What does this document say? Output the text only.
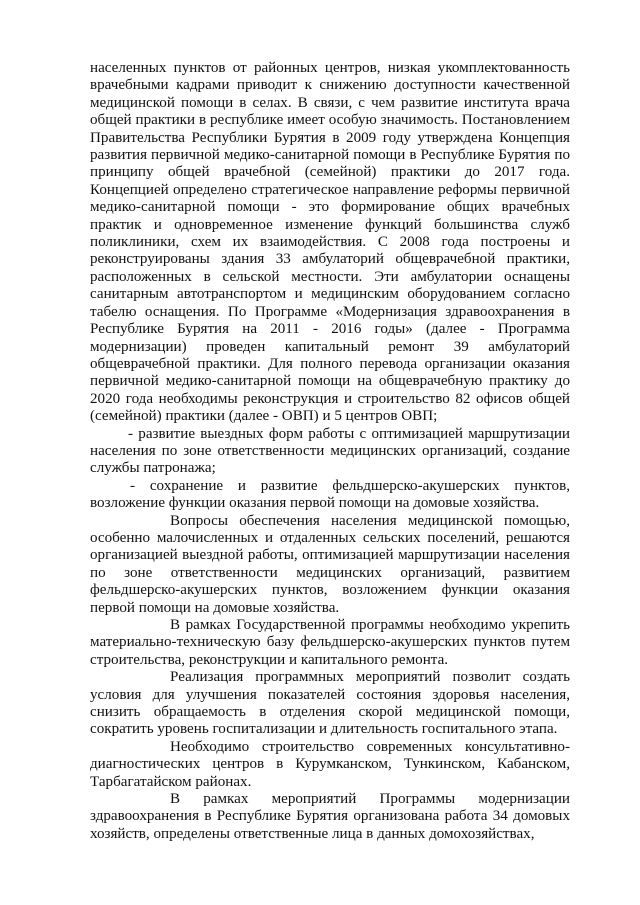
населенных пунктов от районных центров, низкая укомплектованность врачебными кадрами приводит к снижению доступности качественной медицинской помощи в селах. В связи, с чем развитие института врача общей практики в республике имеет особую значимость. Постановлением Правительства Республики Бурятия в 2009 году утверждена Концепция развития первичной медико-санитарной помощи в Республике Бурятия по принципу общей врачебной (семейной) практики до 2017 года. Концепцией определено стратегическое направление реформы первичной медико-санитарной помощи - это формирование общих врачебных практик и одновременное изменение функций большинства служб поликлиники, схем их взаимодействия. С 2008 года построены и реконструированы здания 33 амбулаторий общеврачебной практики, расположенных в сельской местности. Эти амбулатории оснащены санитарным автотранспортом и медицинским оборудованием согласно табелю оснащения. По Программе «Модернизация здравоохранения в Республике Бурятия на 2011 - 2016 годы» (далее - Программа модернизации) проведен капитальный ремонт 39 амбулаторий общеврачебной практики. Для полного перевода организации оказания первичной медико-санитарной помощи на общеврачебную практику до 2020 года необходимы реконструкция и строительство 82 офисов общей (семейной) практики (далее - ОВП) и 5 центров ОВП;

- развитие выездных форм работы с оптимизацией маршрутизации населения по зоне ответственности медицинских организаций, создание службы патронажа;

- сохранение и развитие фельдшерско-акушерских пунктов, возложение функции оказания первой помощи на домовые хозяйства.

Вопросы обеспечения населения медицинской помощью, особенно малочисленных и отдаленных сельских поселений, решаются организацией выездной работы, оптимизацией маршрутизации населения по зоне ответственности медицинских организаций, развитием фельдшерско-акушерских пунктов, возложением функции оказания первой помощи на домовые хозяйства.

В рамках Государственной программы необходимо укрепить материально-техническую базу фельдшерско-акушерских пунктов путем строительства, реконструкции и капитального ремонта.

Реализация программных мероприятий позволит создать условия для улучшения показателей состояния здоровья населения, снизить обращаемость в отделения скорой медицинской помощи, сократить уровень госпитализации и длительность госпитального этапа.

Необходимо строительство современных консультативно-диагностических центров в Курумканском, Тункинском, Кабанском, Тарбагатайском районах.

В рамках мероприятий Программы модернизации здравоохранения в Республике Бурятия организована работа 34 домовых хозяйств, определены ответственные лица в данных домохозяйствах,
